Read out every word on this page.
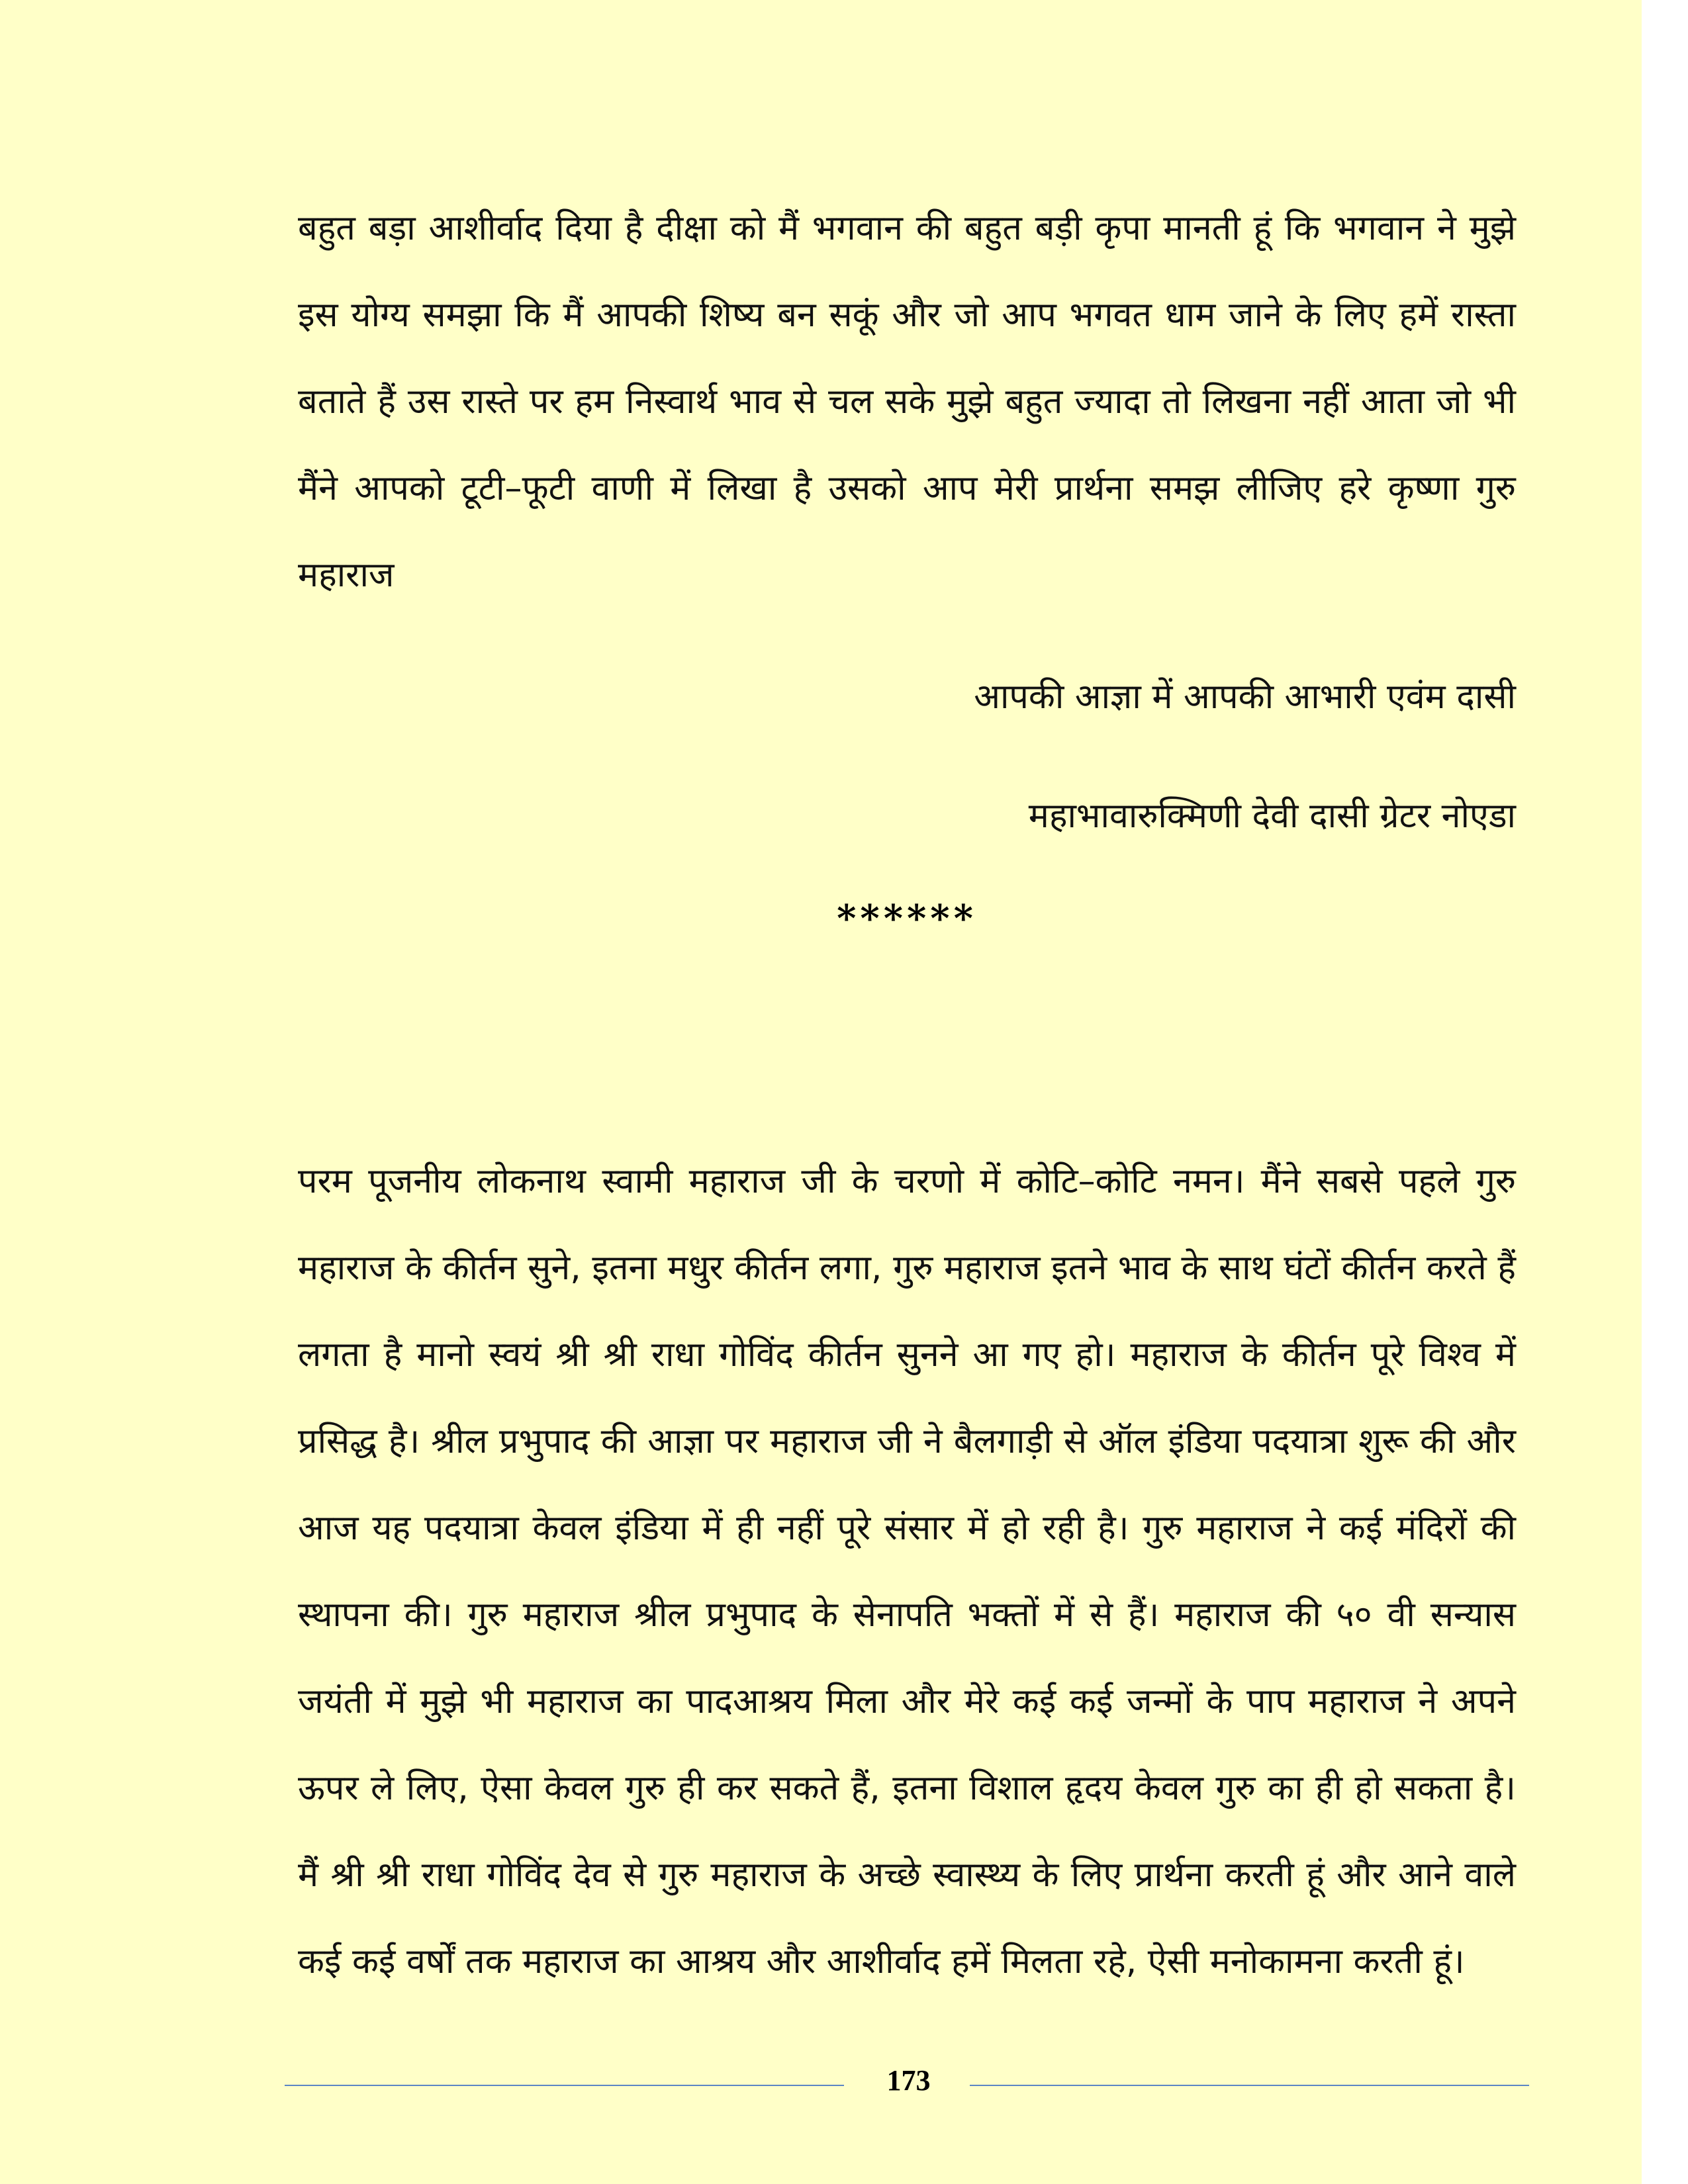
बहुत बड़ा आशीर्वाद दिया है दीक्षा को मैं भगवान की बहुत बड़ी कृपा मानती हूं कि भगवान ने मुझे इस योग्य समझा कि मैं आपकी शिष्य बन सकूं और जो आप भगवत धाम जाने के लिए हमें रास्ता बताते हैं उस रास्ते पर हम निस्वार्थ भाव से चल सके मुझे बहुत ज्यादा तो लिखना नहीं आता जो भी मैंने आपको टूटी–फूटी वाणी में लिखा है उसको आप मेरी प्रार्थना समझ लीजिए हरे कृष्णा गुरु महाराज

आपकी आज्ञा में आपकी आभारी एवंम दासी
महाभावारुक्मिणी देवी दासी ग्रेटर नोएडा
******

परम पूजनीय लोकनाथ स्वामी महाराज जी के चरणो में कोटि–कोटि नमन। मैंने सबसे पहले गुरु महाराज के कीर्तन सुने, इतना मधुर कीर्तन लगा, गुरु महाराज इतने भाव के साथ घंटों कीर्तन करते हैं लगता है मानो स्वयं श्री श्री राधा गोविंद कीर्तन सुनने आ गए हो। महाराज के कीर्तन पूरे विश्व में प्रसिद्ध है। श्रील प्रभुपाद की आज्ञा पर महाराज जी ने बैलगाड़ी से ऑल इंडिया पदयात्रा शुरू की और आज यह पदयात्रा केवल इंडिया में ही नहीं पूरे संसार में हो रही है। गुरु महाराज ने कई मंदिरों की स्थापना की। गुरु महाराज श्रील प्रभुपाद के सेनापति भक्तों में से हैं। महाराज की ५० वी सन्यास जयंती में मुझे भी महाराज का पादआश्रय मिला और मेरे कई कई जन्मों के पाप महाराज ने अपने ऊपर ले लिए, ऐसा केवल गुरु ही कर सकते हैं, इतना विशाल हृदय केवल गुरु का ही हो सकता है। मैं श्री श्री राधा गोविंद देव से गुरु महाराज के अच्छे स्वास्थ्य के लिए प्रार्थना करती हूं और आने वाले कई कई वर्षों तक महाराज का आश्रय और आशीर्वाद हमें मिलता रहे, ऐसी मनोकामना करती हूं।

173
